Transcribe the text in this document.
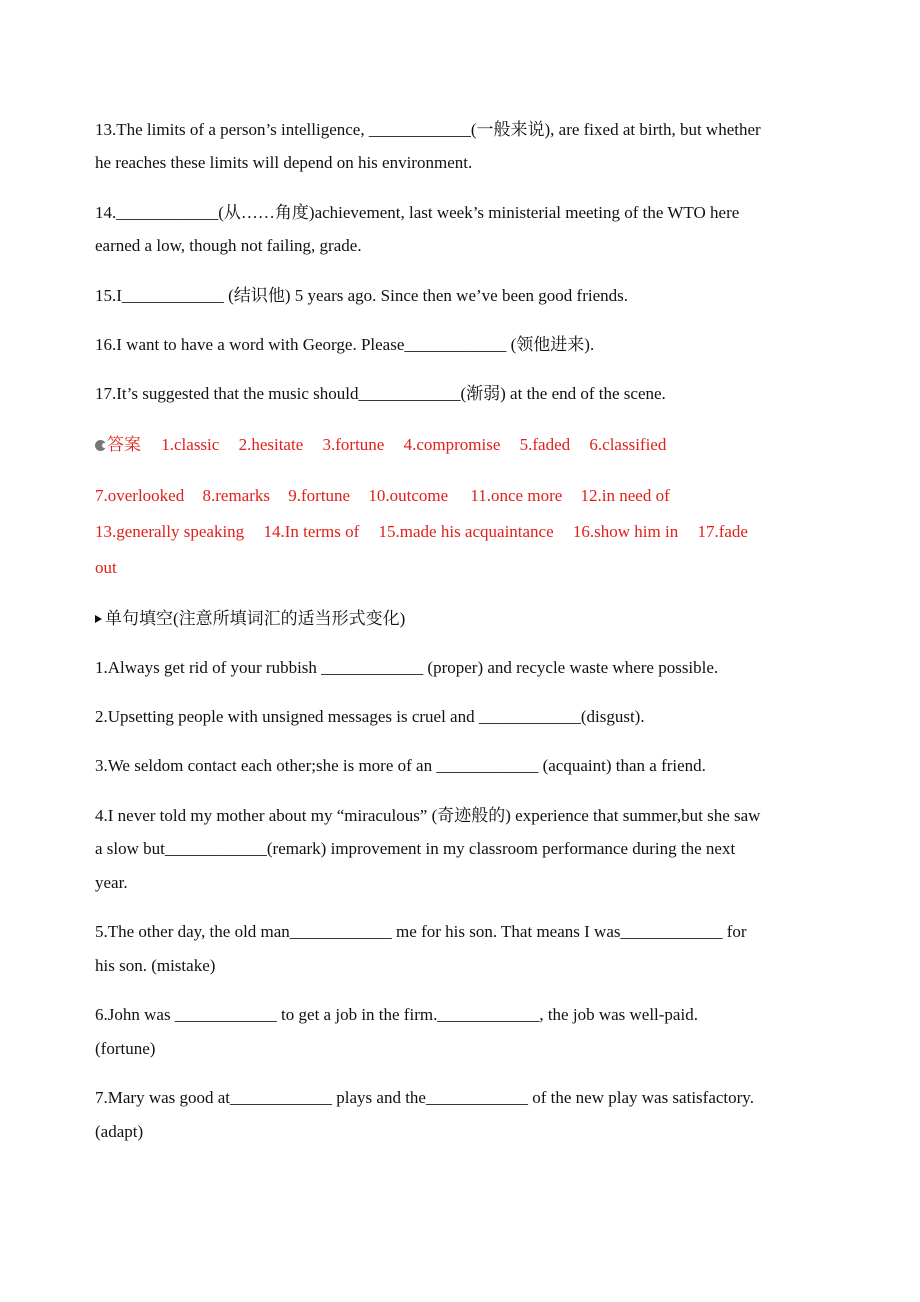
13.The limits of a person’s intelligence, ____________(一般来说), are fixed at birth, but whether
he reaches these limits will depend on his environment.
14.____________(从……角度)achievement, last week’s ministerial meeting of the WTO here
earned a low, though not failing, grade.
15.I____________ (结识他) 5 years ago. Since then we’ve been good friends.
16.I want to have a word with George. Please____________ (领他进来).
17.It’s suggested that the music should____________(渐弱) at the end of the scene.
答案 1.classic 2.hesitate 3.fortune 4.compromise 5.faded 6.classified
7.overlooked 8.remarks 9.fortune 10.outcome 11.once more 12.in need of
13.generally speaking 14.In terms of 15.made his acquaintance 16.show him in 17.fade
out
单句填空(注意所填词汇的适当形式变化)
1.Always get rid of your rubbish ____________ (proper) and recycle waste where possible.
2.Upsetting people with unsigned messages is cruel and ____________(disgust).
3.We seldom contact each other;she is more of an ____________ (acquaint) than a friend.
4.I never told my mother about my “miraculous” (奇迹般的) experience that summer,but she saw
a slow but____________(remark) improvement in my classroom performance during the next
year.
5.The other day, the old man____________ me for his son. That means I was____________ for
his son. (mistake)
6.John was ____________ to get a job in the firm.____________, the job was well-paid.
(fortune)
7.Mary was good at____________ plays and the____________ of the new play was satisfactory.
(adapt)
